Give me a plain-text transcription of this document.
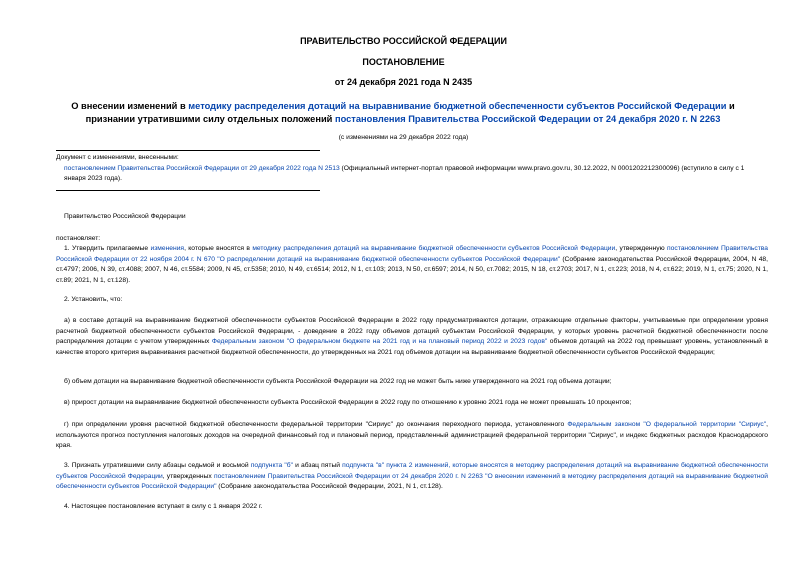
ПРАВИТЕЛЬСТВО РОССИЙСКОЙ ФЕДЕРАЦИИ
ПОСТАНОВЛЕНИЕ
от 24 декабря 2021 года N 2435
О внесении изменений в методику распределения дотаций на выравнивание бюджетной обеспеченности субъектов Российской Федерации и признании утратившими силу отдельных положений постановления Правительства Российской Федерации от 24 декабря 2020 г. N 2263
(с изменениями на 29 декабря 2022 года)
Документ с изменениями, внесенными:
постановлением Правительства Российской Федерации от 29 декабря 2022 года N 2513 (Официальный интернет-портал правовой информации www.pravo.gov.ru, 30.12.2022, N 0001202212300096) (вступило в силу с 1 января 2023 года).
Правительство Российской Федерации
постановляет:
1. Утвердить прилагаемые изменения, которые вносятся в методику распределения дотаций на выравнивание бюджетной обеспеченности субъектов Российской Федерации, утвержденную постановлением Правительства Российской Федерации от 22 ноября 2004 г. N 670 "О распределении дотаций на выравнивание бюджетной обеспеченности субъектов Российской Федерации" (Собрание законодательства Российской Федерации, 2004, N 48, ст.4797; 2006, N 39, ст.4088; 2007, N 46, ст.5584; 2009, N 45, ст.5358; 2010, N 49, ст.6514; 2012, N 1, ст.103; 2013, N 50, ст.6597; 2014, N 50, ст.7082; 2015, N 18, ст.2703; 2017, N 1, ст.223; 2018, N 4, ст.622; 2019, N 1, ст.75; 2020, N 1, ст.89; 2021, N 1, ст.128).
2. Установить, что:
а) в составе дотаций на выравнивание бюджетной обеспеченности субъектов Российской Федерации в 2022 году предусматриваются дотации, отражающие отдельные факторы, учитываемые при определении уровня расчетной бюджетной обеспеченности субъектов Российской Федерации, - доведение в 2022 году объемов дотаций субъектам Российской Федерации, у которых уровень расчетной бюджетной обеспеченности после распределения дотации с учетом утвержденных Федеральным законом "О федеральном бюджете на 2021 год и на плановый период 2022 и 2023 годов" объемов дотаций на 2022 год превышает уровень, установленный в качестве второго критерия выравнивания расчетной бюджетной обеспеченности, до утвержденных на 2021 год объемов дотации на выравнивание бюджетной обеспеченности субъектов Российской Федерации;
б) объем дотации на выравнивание бюджетной обеспеченности субъекта Российской Федерации на 2022 год не может быть ниже утвержденного на 2021 год объема дотации;
в) прирост дотации на выравнивание бюджетной обеспеченности субъекта Российской Федерации в 2022 году по отношению к уровню 2021 года не может превышать 10 процентов;
г) при определении уровня расчетной бюджетной обеспеченности федеральной территории "Сириус" до окончания переходного периода, установленного Федеральным законом "О федеральной территории "Сириус", используются прогноз поступления налоговых доходов на очередной финансовый год и плановый период, представленный администрацией федеральной территории "Сириус", и индекс бюджетных расходов Краснодарского края.
3. Признать утратившими силу абзацы седьмой и восьмой подпункта "б" и абзац пятый подпункта "в" пункта 2 изменений, которые вносятся в методику распределения дотаций на выравнивание бюджетной обеспеченности субъектов Российской Федерации, утвержденных постановлением Правительства Российской Федерации от 24 декабря 2020 г. N 2263 "О внесении изменений в методику распределения дотаций на выравнивание бюджетной обеспеченности субъектов Российской Федерации" (Собрание законодательства Российской Федерации, 2021, N 1, ст.128).
4. Настоящее постановление вступает в силу с 1 января 2022 г.
